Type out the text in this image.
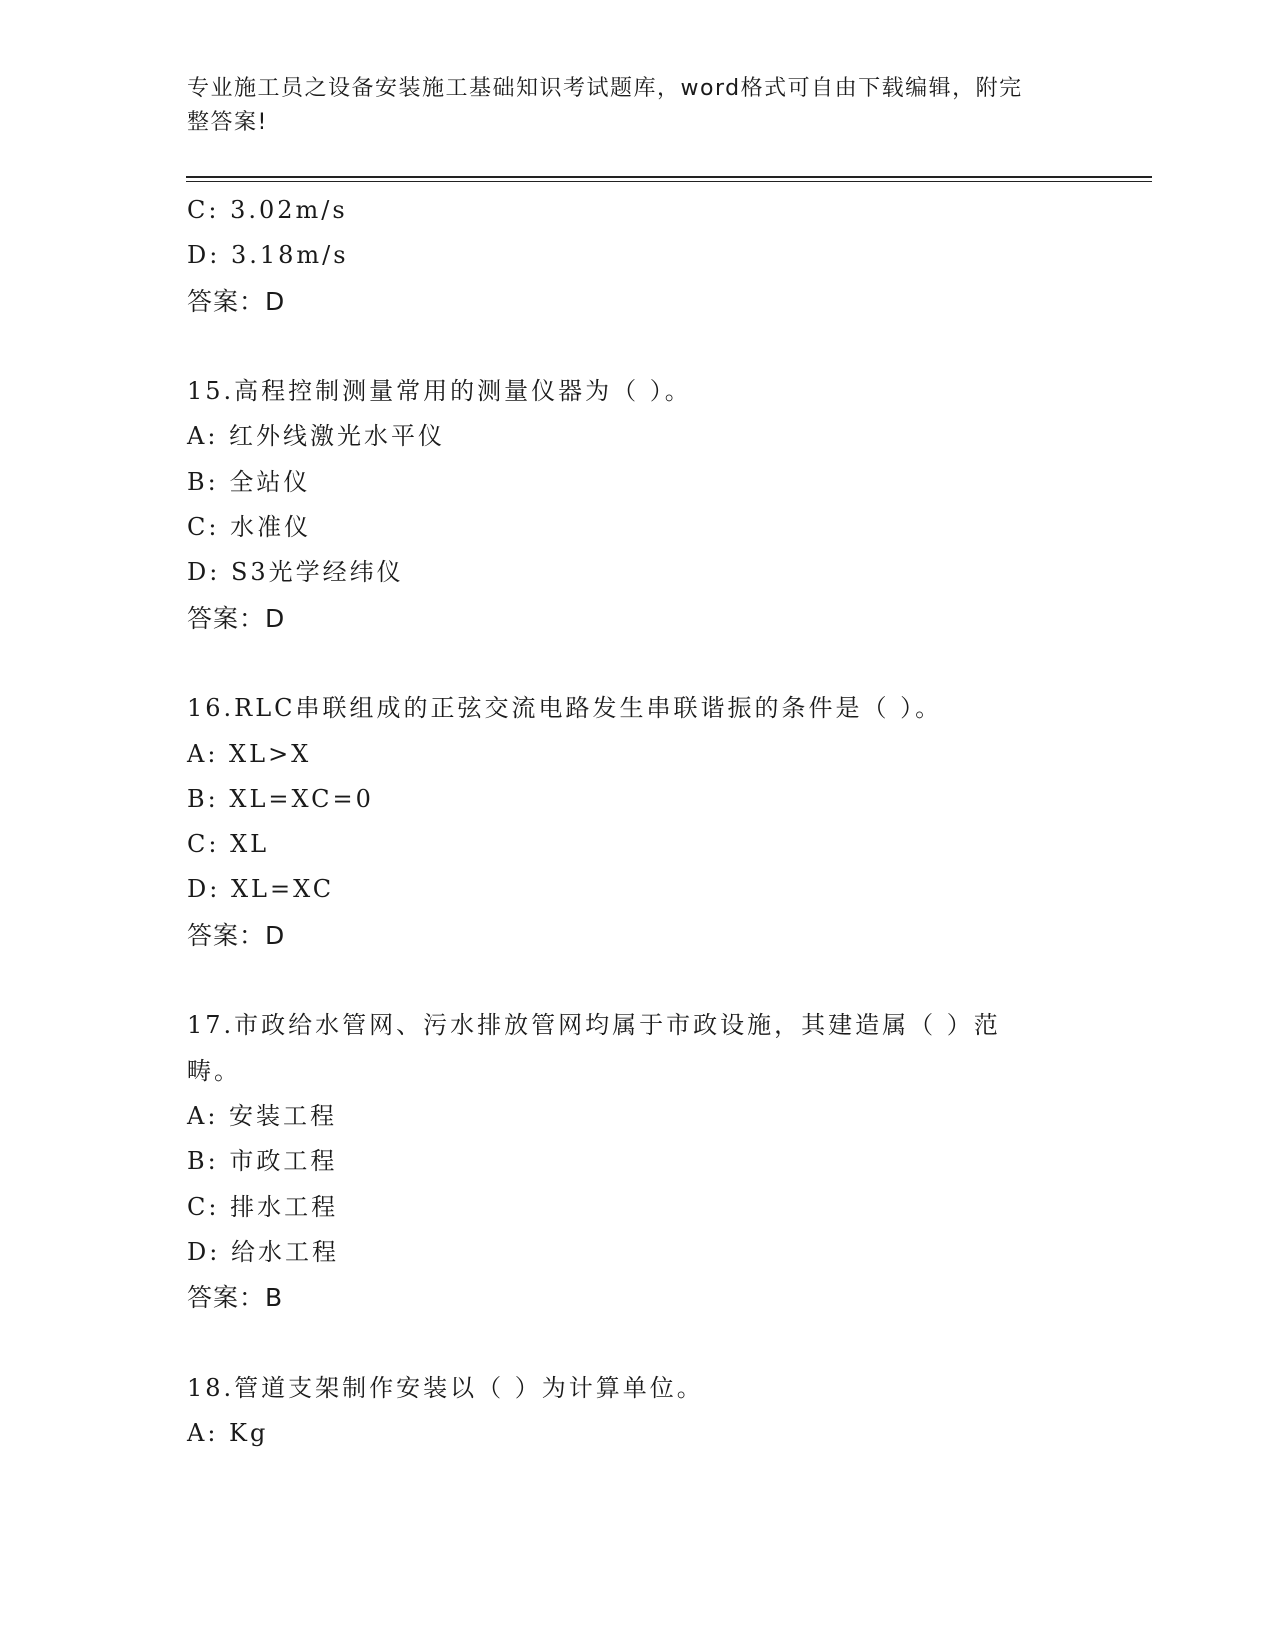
专业施工员之设备安装施工基础知识考试题库，word格式可自由下载编辑，附完
整答案!
C: 3.02m/s
D: 3.18m/s
答案：D
15.高程控制测量常用的测量仪器为（ ）。
A: 红外线激光水平仪
B: 全站仪
C: 水准仪
D: S3光学经纬仪
答案：D
16.RLC串联组成的正弦交流电路发生串联谐振的条件是（ ）。
A: XL>X
B: XL=XC=0
C: XL
D: XL=XC
答案：D
17.市政给水管网、污水排放管网均属于市政设施，其建造属（ ）范
畴。
A: 安装工程
B: 市政工程
C: 排水工程
D: 给水工程
答案：B
18.管道支架制作安装以（ ）为计算单位。
A: Kg
